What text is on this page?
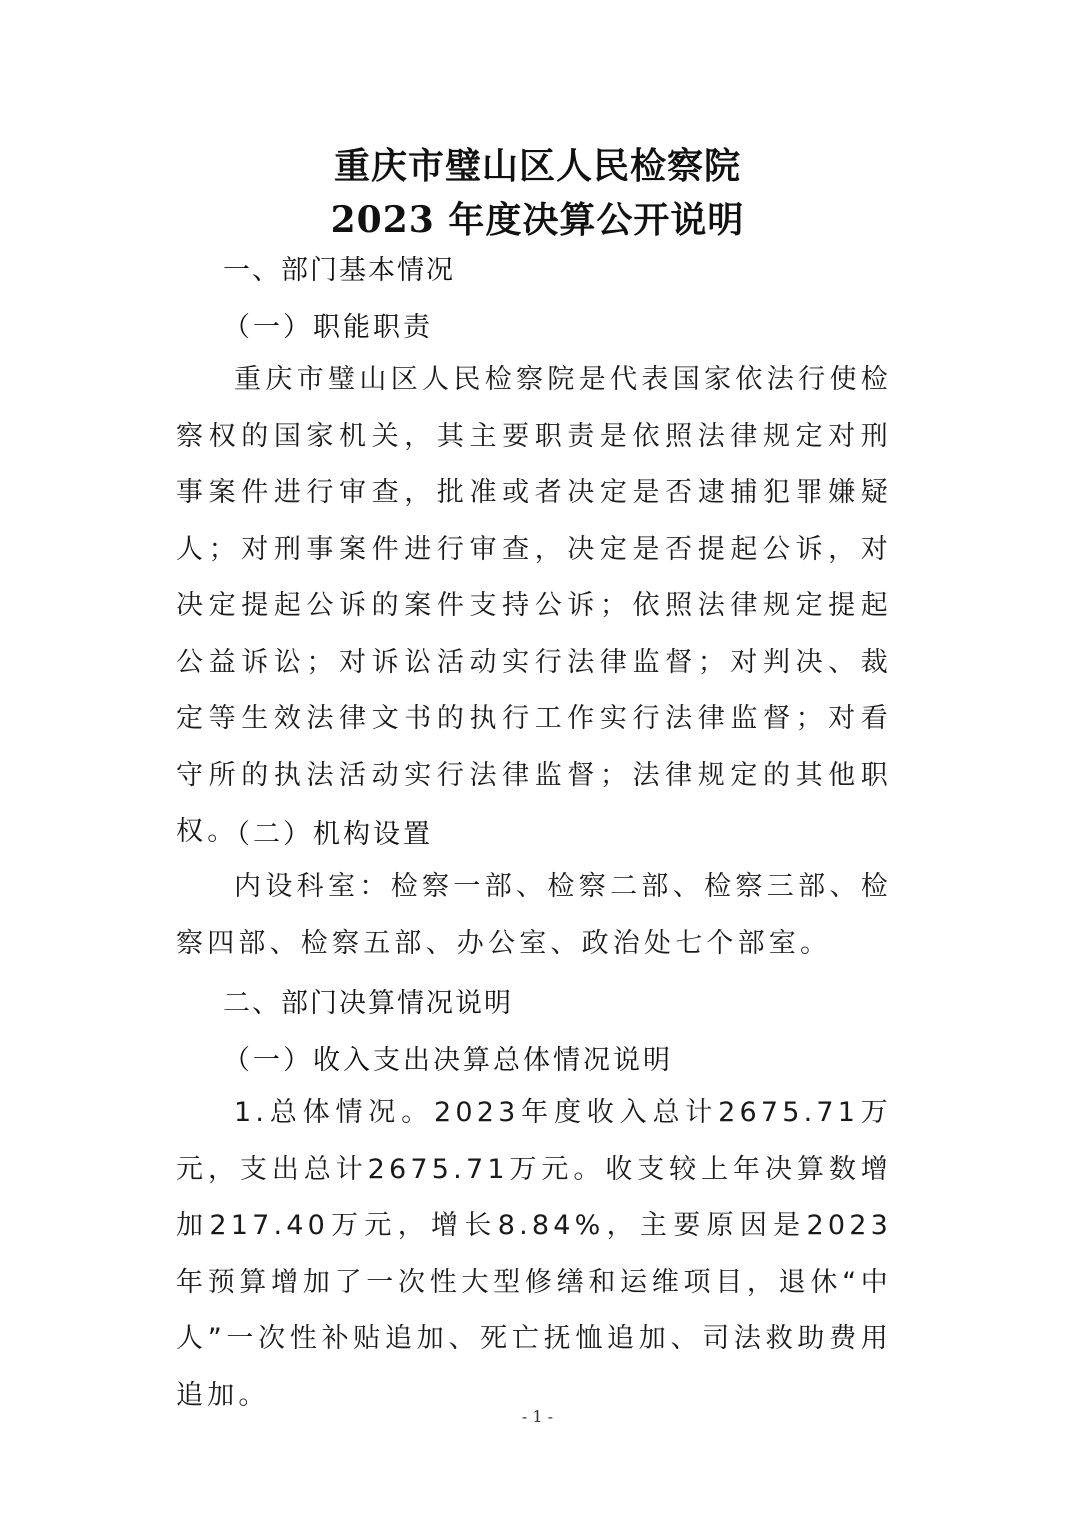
重庆市璧山区人民检察院
2023 年度决算公开说明
一、部门基本情况
（一）职能职责
重庆市璧山区人民检察院是代表国家依法行使检察权的国家机关，其主要职责是依照法律规定对刑事案件进行审查，批准或者决定是否逮捕犯罪嫌疑人；对刑事案件进行审查，决定是否提起公诉，对决定提起公诉的案件支持公诉；依照法律规定提起公益诉讼；对诉讼活动实行法律监督；对判决、裁定等生效法律文书的执行工作实行法律监督；对看守所的执法活动实行法律监督；法律规定的其他职权。
（二）机构设置
内设科室：检察一部、检察二部、检察三部、检察四部、检察五部、办公室、政治处七个部室。
二、部门决算情况说明
（一）收入支出决算总体情况说明
1.总体情况。2023年度收入总计2675.71万元，支出总计2675.71万元。收支较上年决算数增加217.40万元，增长8.84%，主要原因是2023年预算增加了一次性大型修缮和运维项目，退休“中人”一次性补贴追加、死亡抚恤追加、司法救助费用追加。
- 1 -
